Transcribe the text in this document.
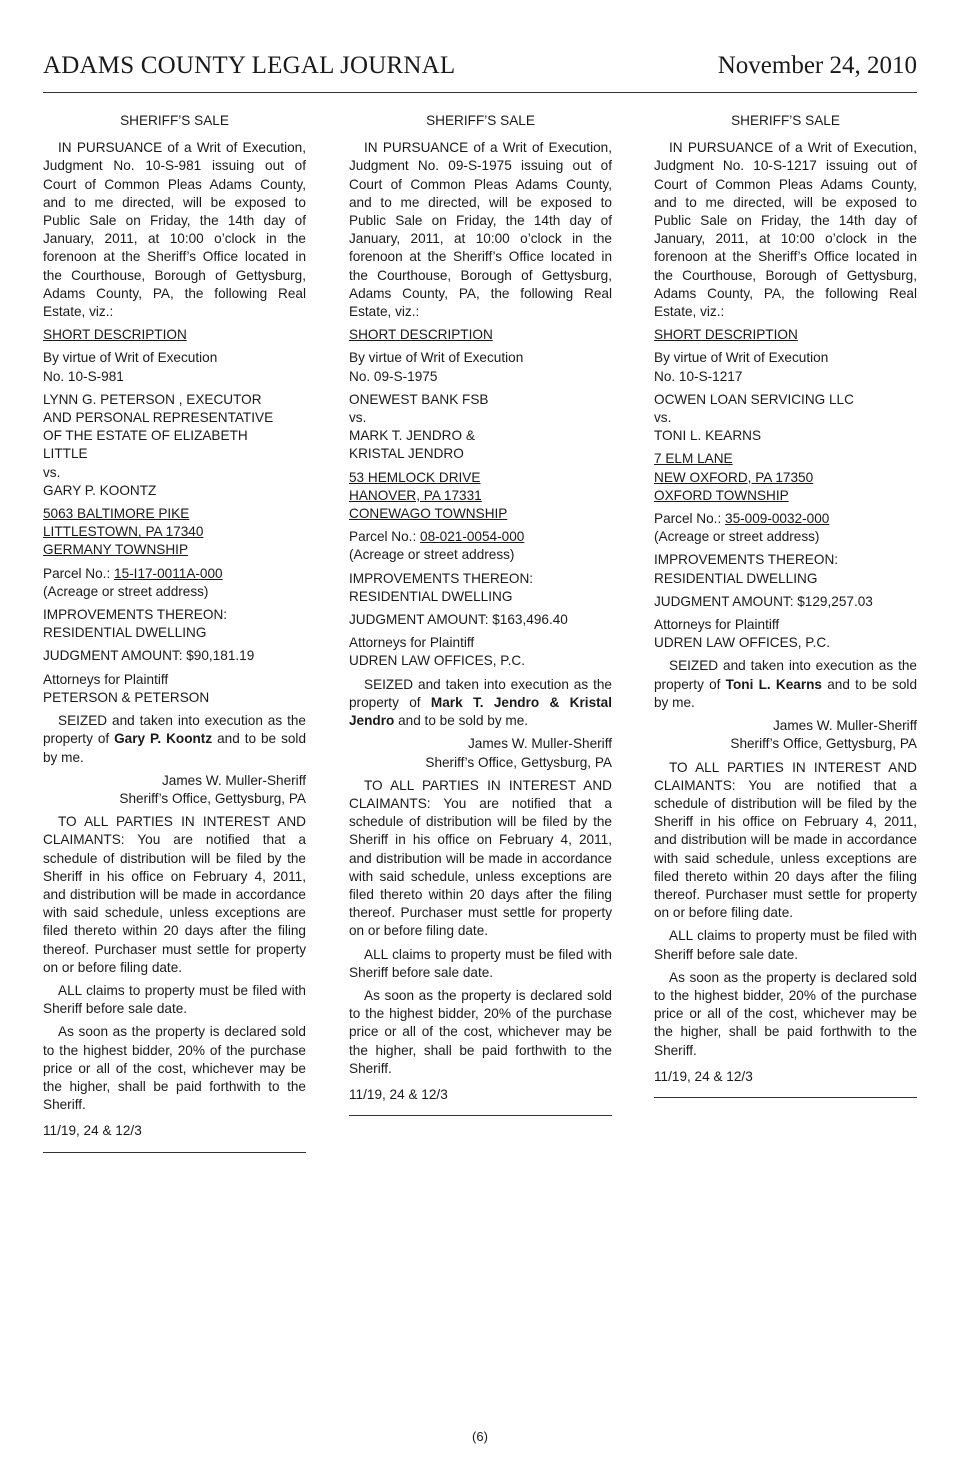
ADAMS COUNTY LEGAL JOURNAL	November 24, 2010
SHERIFF’S SALE

IN PURSUANCE of a Writ of Execution, Judgment No. 10-S-981 issuing out of Court of Common Pleas Adams County, and to me directed, will be exposed to Public Sale on Friday, the 14th day of January, 2011, at 10:00 o’clock in the forenoon at the Sheriff’s Office located in the Courthouse, Borough of Gettysburg, Adams County, PA, the following Real Estate, viz.:

SHORT DESCRIPTION

By virtue of Writ of Execution
No. 10-S-981
LYNN G. PETERSON , EXECUTOR
AND PERSONAL REPRESENTATIVE
OF THE ESTATE OF ELIZABETH
LITTLE
vs.
GARY P. KOONTZ
5063 BALTIMORE PIKE
LITTLESTOWN, PA 17340
GERMANY TOWNSHIP
Parcel No.: 15-I17-0011A-000
(Acreage or street address)
IMPROVEMENTS THEREON:
RESIDENTIAL DWELLING

JUDGMENT AMOUNT: $90,181.19

Attorneys for Plaintiff
PETERSON & PETERSON

SEIZED and taken into execution as the property of Gary P. Koontz and to be sold by me.

James W. Muller-Sheriff
Sheriff’s Office, Gettysburg, PA

TO ALL PARTIES IN INTEREST AND CLAIMANTS: You are notified that a schedule of distribution will be filed by the Sheriff in his office on February 4, 2011, and distribution will be made in accordance with said schedule, unless exceptions are filed thereto within 20 days after the filing thereof. Purchaser must settle for property on or before filing date.

ALL claims to property must be filed with Sheriff before sale date.

As soon as the property is declared sold to the highest bidder, 20% of the purchase price or all of the cost, whichever may be the higher, shall be paid forthwith to the Sheriff.

11/19, 24 & 12/3

SHERIFF’S SALE

IN PURSUANCE of a Writ of Execution, Judgment No. 09-S-1975 issuing out of Court of Common Pleas Adams County, and to me directed, will be exposed to Public Sale on Friday, the 14th day of January, 2011, at 10:00 o’clock in the forenoon at the Sheriff’s Office located in the Courthouse, Borough of Gettysburg, Adams County, PA, the following Real Estate, viz.:

SHORT DESCRIPTION

By virtue of Writ of Execution
No. 09-S-1975
ONEWEST BANK FSB
vs.
MARK T. JENDRO &
KRISTAL JENDRO
53 HEMLOCK DRIVE
HANOVER, PA 17331
CONEWAGO TOWNSHIP
Parcel No.: 08-021-0054-000
(Acreage or street address)
IMPROVEMENTS THEREON:
RESIDENTIAL DWELLING

JUDGMENT AMOUNT: $163,496.40

Attorneys for Plaintiff
UDREN LAW OFFICES, P.C.

SEIZED and taken into execution as the property of Mark T. Jendro & Kristal Jendro and to be sold by me.

James W. Muller-Sheriff
Sheriff’s Office, Gettysburg, PA

TO ALL PARTIES IN INTEREST AND CLAIMANTS: You are notified that a schedule of distribution will be filed by the Sheriff in his office on February 4, 2011, and distribution will be made in accordance with said schedule, unless exceptions are filed thereto within 20 days after the filing thereof. Purchaser must settle for property on or before filing date.

ALL claims to property must be filed with Sheriff before sale date.

As soon as the property is declared sold to the highest bidder, 20% of the purchase price or all of the cost, whichever may be the higher, shall be paid forthwith to the Sheriff.

11/19, 24 & 12/3

SHERIFF’S SALE

IN PURSUANCE of a Writ of Execution, Judgment No. 10-S-1217 issuing out of Court of Common Pleas Adams County, and to me directed, will be exposed to Public Sale on Friday, the 14th day of January, 2011, at 10:00 o’clock in the forenoon at the Sheriff’s Office located in the Courthouse, Borough of Gettysburg, Adams County, PA, the following Real Estate, viz.:

SHORT DESCRIPTION

By virtue of Writ of Execution
No. 10-S-1217
OCWEN LOAN SERVICING LLC
vs.
TONI L. KEARNS
7 ELM LANE
NEW OXFORD, PA 17350
OXFORD TOWNSHIP
Parcel No.: 35-009-0032-000
(Acreage or street address)
IMPROVEMENTS THEREON:
RESIDENTIAL DWELLING

JUDGMENT AMOUNT: $129,257.03

Attorneys for Plaintiff
UDREN LAW OFFICES, P.C.

SEIZED and taken into execution as the property of Toni L. Kearns and to be sold by me.

James W. Muller-Sheriff
Sheriff’s Office, Gettysburg, PA

TO ALL PARTIES IN INTEREST AND CLAIMANTS: You are notified that a schedule of distribution will be filed by the Sheriff in his office on February 4, 2011, and distribution will be made in accordance with said schedule, unless exceptions are filed thereto within 20 days after the filing thereof. Purchaser must settle for property on or before filing date.

ALL claims to property must be filed with Sheriff before sale date.

As soon as the property is declared sold to the highest bidder, 20% of the purchase price or all of the cost, whichever may be the higher, shall be paid forthwith to the Sheriff.

11/19, 24 & 12/3

(6)
